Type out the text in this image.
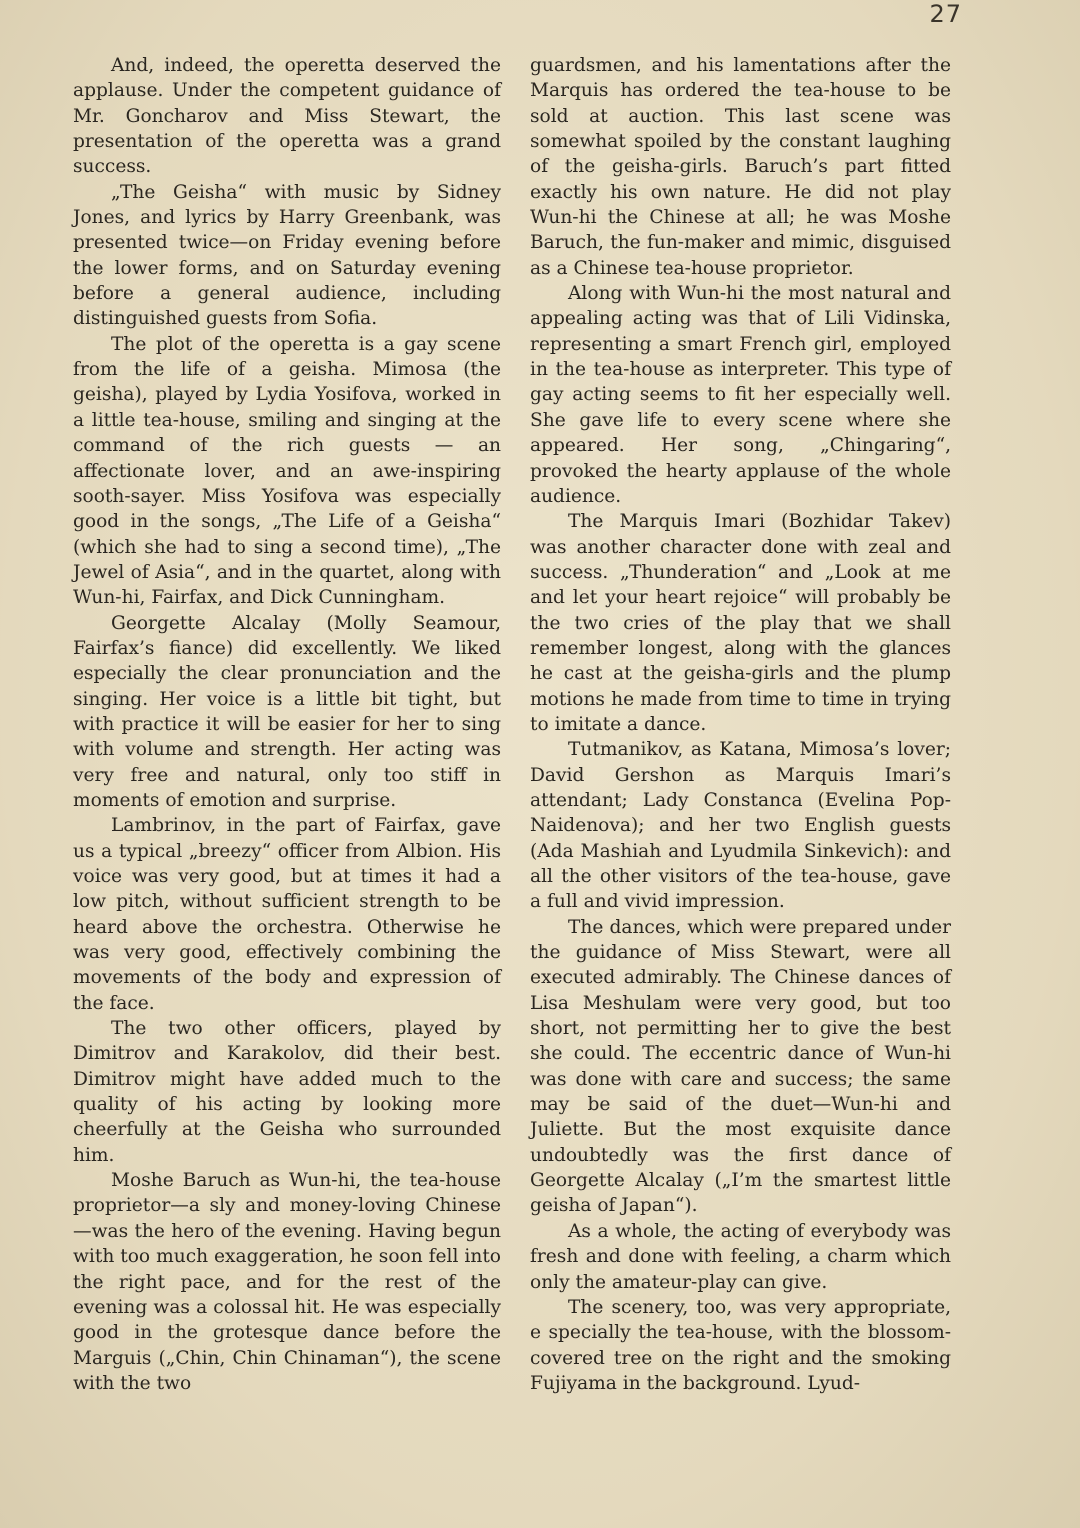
27

And, indeed, the operetta deserved the applause. Under the competent guidance of Mr. Goncharov and Miss Stewart, the presentation of the operetta was a grand success.

„The Geisha“ with music by Sidney Jones, and lyrics by Harry Greenbank, was presented twice—on Friday evening before the lower forms, and on Saturday evening before a general audience, including distinguished guests from Sofia.

The plot of the operetta is a gay scene from the life of a geisha. Mimosa (the geisha), played by Lydia Yosifova, worked in a little tea-house, smiling and singing at the command of the rich guests — an affectionate lover, and an awe-inspiring sooth-sayer. Miss Yosifova was especially good in the songs, „The Life of a Geisha“ (which she had to sing a second time), „The Jewel of Asia“, and in the quartet, along with Wun-hi, Fairfax, and Dick Cunningham.

Georgette Alcalay (Molly Seamour, Fairfax’s fiance) did excellently. We liked especially the clear pronunciation and the singing. Her voice is a little bit tight, but with practice it will be easier for her to sing with volume and strength. Her acting was very free and natural, only too stiff in moments of emotion and surprise.

Lambrinov, in the part of Fairfax, gave us a typical „breezy“ officer from Albion. His voice was very good, but at times it had a low pitch, without sufficient strength to be heard above the orchestra. Otherwise he was very good, effectively combining the movements of the body and expression of the face.

The two other officers, played by Dimitrov and Karakolov, did their best. Dimitrov might have added much to the quality of his acting by looking more cheerfully at the Geisha who surrounded him.

Moshe Baruch as Wun-hi, the tea-house proprietor—a sly and money-loving Chinese —was the hero of the evening. Having begun with too much exaggeration, he soon fell into the right pace, and for the rest of the evening was a colossal hit. He was especially good in the grotesque dance before the Marguis („Chin, Chin Chinaman“), the scene with the two

guardsmen, and his lamentations after the Marquis has ordered the tea-house to be sold at auction. This last scene was somewhat spoiled by the constant laughing of the geisha-girls. Baruch’s part fitted exactly his own nature. He did not play Wun-hi the Chinese at all; he was Moshe Baruch, the fun-maker and mimic, disguised as a Chinese tea-house proprietor.

Along with Wun-hi the most natural and appealing acting was that of Lili Vidinska, representing a smart French girl, employed in the tea-house as interpreter. This type of gay acting seems to fit her especially well. She gave life to every scene where she appeared. Her song, „Chingaring“, provoked the hearty applause of the whole audience.

The Marquis Imari (Bozhidar Takev) was another character done with zeal and success. „Thunderation“ and „Look at me and let your heart rejoice“ will probably be the two cries of the play that we shall remember longest, along with the glances he cast at the geisha-girls and the plump motions he made from time to time in trying to imitate a dance.

Tutmanikov, as Katana, Mimosa’s lover; David Gershon as Marquis Imari’s attendant; Lady Constanca (Evelina Pop-Naidenova); and her two English guests (Ada Mashiah and Lyudmila Sinkevich): and all the other visitors of the tea-house, gave a full and vivid impression.

The dances, which were prepared under the guidance of Miss Stewart, were all executed admirably. The Chinese dances of Lisa Meshulam were very good, but too short, not permitting her to give the best she could. The eccentric dance of Wun-hi was done with care and success; the same may be said of the duet—Wun-hi and Juliette. But the most exquisite dance undoubtedly was the first dance of Georgette Alcalay („I’m the smartest little geisha of Japan“).

As a whole, the acting of everybody was fresh and done with feeling, a charm which only the amateur-play can give.

The scenery, too, was very appropriate, e specially the tea-house, with the blossom-covered tree on the right and the smoking Fujiyama in the background. Lyud-
